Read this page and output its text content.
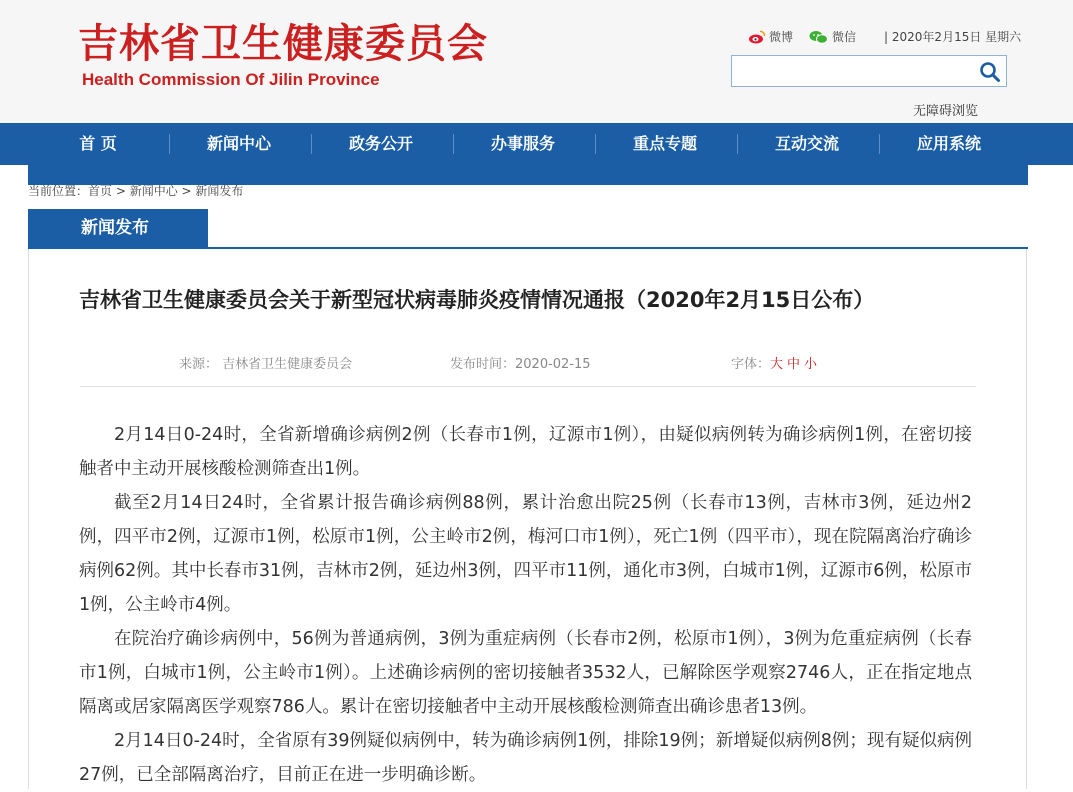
吉林省卫生健康委员会
Health Commission Of Jilin Province
微博	微信 | 2020年2月15日 星期六
无障碍浏览
首 页	新闻中心	政务公开	办事服务	重点专题	互动交流	应用系统
当前位置：首页 > 新闻中心 > 新闻发布
新闻发布
吉林省卫生健康委员会关于新型冠状病毒肺炎疫情情况通报（2020年2月15日公布）
来源： 吉林省卫生健康委员会	发布时间：2020-02-15	字体：大 中 小

2月14日0-24时，全省新增确诊病例2例（长春市1例，辽源市1例），由疑似病例转为确诊病例1例，在密切接触者中主动开展核酸检测筛查出1例。

截至2月14日24时，全省累计报告确诊病例88例，累计治愈出院25例（长春市13例，吉林市3例，延边州2例，四平市2例，辽源市1例，松原市1例，公主岭市2例，梅河口市1例），死亡1例（四平市），现在院隔离治疗确诊病例62例。其中长春市31例，吉林市2例，延边州3例，四平市11例，通化市3例，白城市1例，辽源市6例，松原市1例，公主岭市4例。

在院治疗确诊病例中，56例为普通病例，3例为重症病例（长春市2例，松原市1例），3例为危重症病例（长春市1例，白城市1例，公主岭市1例）。上述确诊病例的密切接触者3532人，已解除医学观察2746人，正在指定地点隔离或居家隔离医学观察786人。累计在密切接触者中主动开展核酸检测筛查出确诊患者13例。

2月14日0-24时，全省原有39例疑似病例中，转为确诊病例1例，排除19例；新增疑似病例8例；现有疑似病例27例，已全部隔离治疗，目前正在进一步明确诊断。
